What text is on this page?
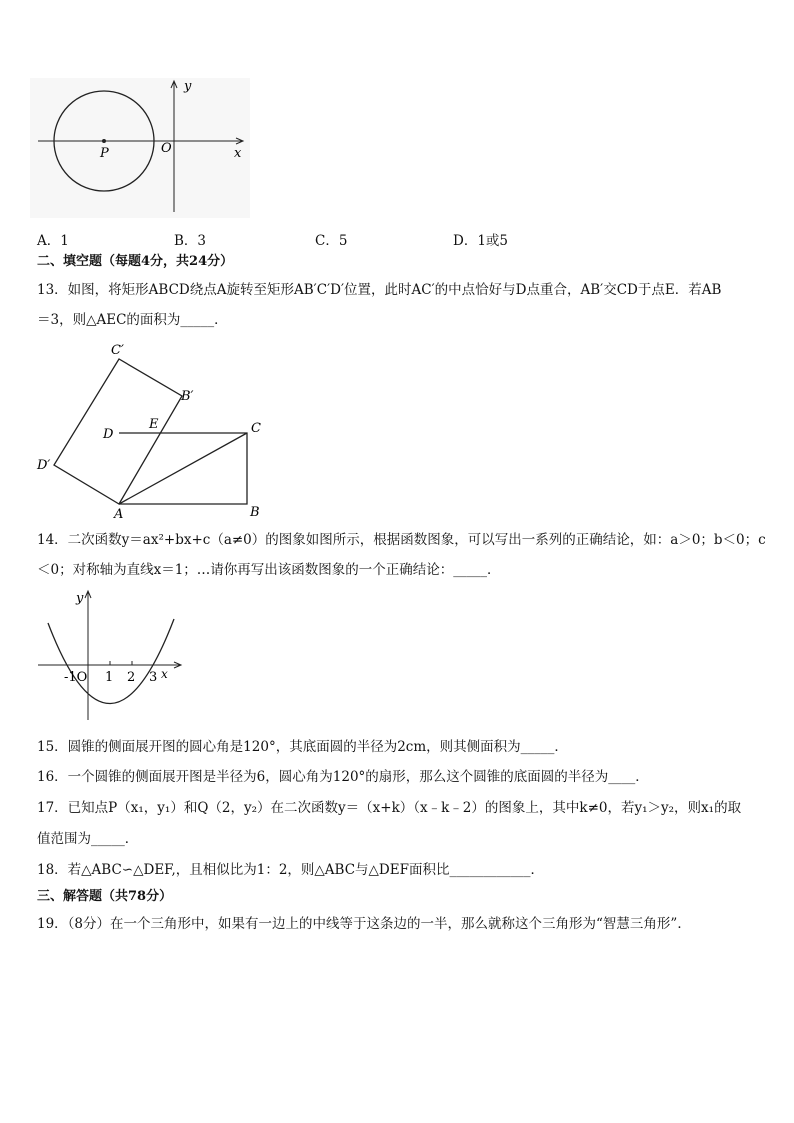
y
x
P	O
A．1	B．3	C．5	D．1或5
二、填空题（每题4分，共24分）
13．如图，将矩形ABCD绕点A旋转至矩形AB′C′D′位置，此时AC′的中点恰好与D点重合，AB′交CD于点E．若AB
＝3，则△AEC的面积为_____．
C′
B′
D
E	C
D′
A	B
14．二次函数y＝ax²+bx+c（a≠0）的图象如图所示，根据函数图象，可以写出一系列的正确结论，如：a＞0；b＜0；c
＜0；对称轴为直线x＝1；…请你再写出该函数图象的一个正确结论：_____．
y
x
-1O 1 2 3
15．圆锥的侧面展开图的圆心角是120°，其底面圆的半径为2cm，则其侧面积为_____．
16．一个圆锥的侧面展开图是半径为6，圆心角为120°的扇形，那么这个圆锥的底面圆的半径为____．
17．已知点P（x₁，y₁）和Q（2，y₂）在二次函数y＝（x+k）（x﹣k﹣2）的图象上，其中k≠0，若y₁＞y₂，则x₁的取
值范围为_____．
18．若△ABC∽△DEF,，且相似比为1：2，则△ABC与△DEF面积比____________．
三、解答题（共78分）
19．（8分）在一个三角形中，如果有一边上的中线等于这条边的一半，那么就称这个三角形为“智慧三角形”．
